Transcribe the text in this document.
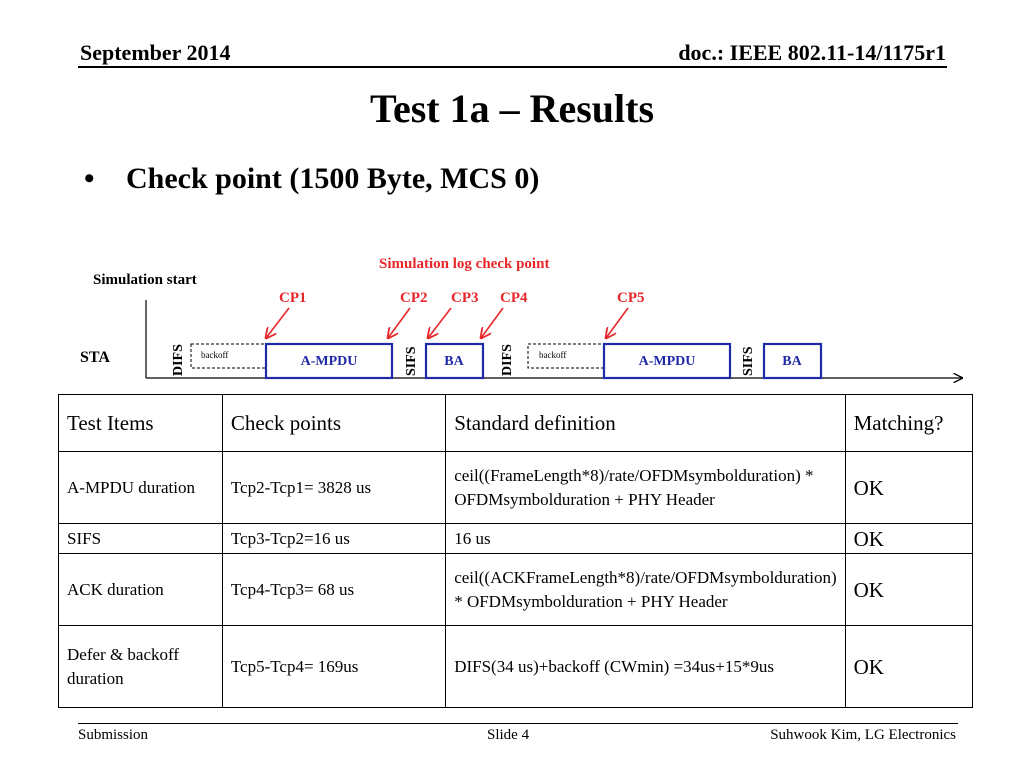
September 2014	doc.: IEEE 802.11-14/1175r1
Test 1a – Results
•	Check point (1500 Byte, MCS 0)
Simulation start
Simulation log check point
STA
CP1	CP2 CP3 CP4	CP5
DIFS backoff	A-MPDU	SIFS BA	DIFS	backoff	A-MPDU	SIFS BA
Test Items	Check points	Standard definition	Matching?
A-MPDU duration	Tcp2-Tcp1= 3828 us	ceil((FrameLength*8)/rate/OFDMsymbolduration) * OFDMsymbolduration + PHY Header	OK
SIFS	Tcp3-Tcp2=16 us	16 us	OK
ACK duration	Tcp4-Tcp3= 68 us	ceil((ACKFrameLength*8)/rate/OFDMsymbolduration) * OFDMsymbolduration + PHY Header	OK
Defer & backoff duration	Tcp5-Tcp4= 169us	DIFS(34 us)+backoff (CWmin) =34us+15*9us	OK
Submission	Slide 4	Suhwook Kim, LG Electronics
